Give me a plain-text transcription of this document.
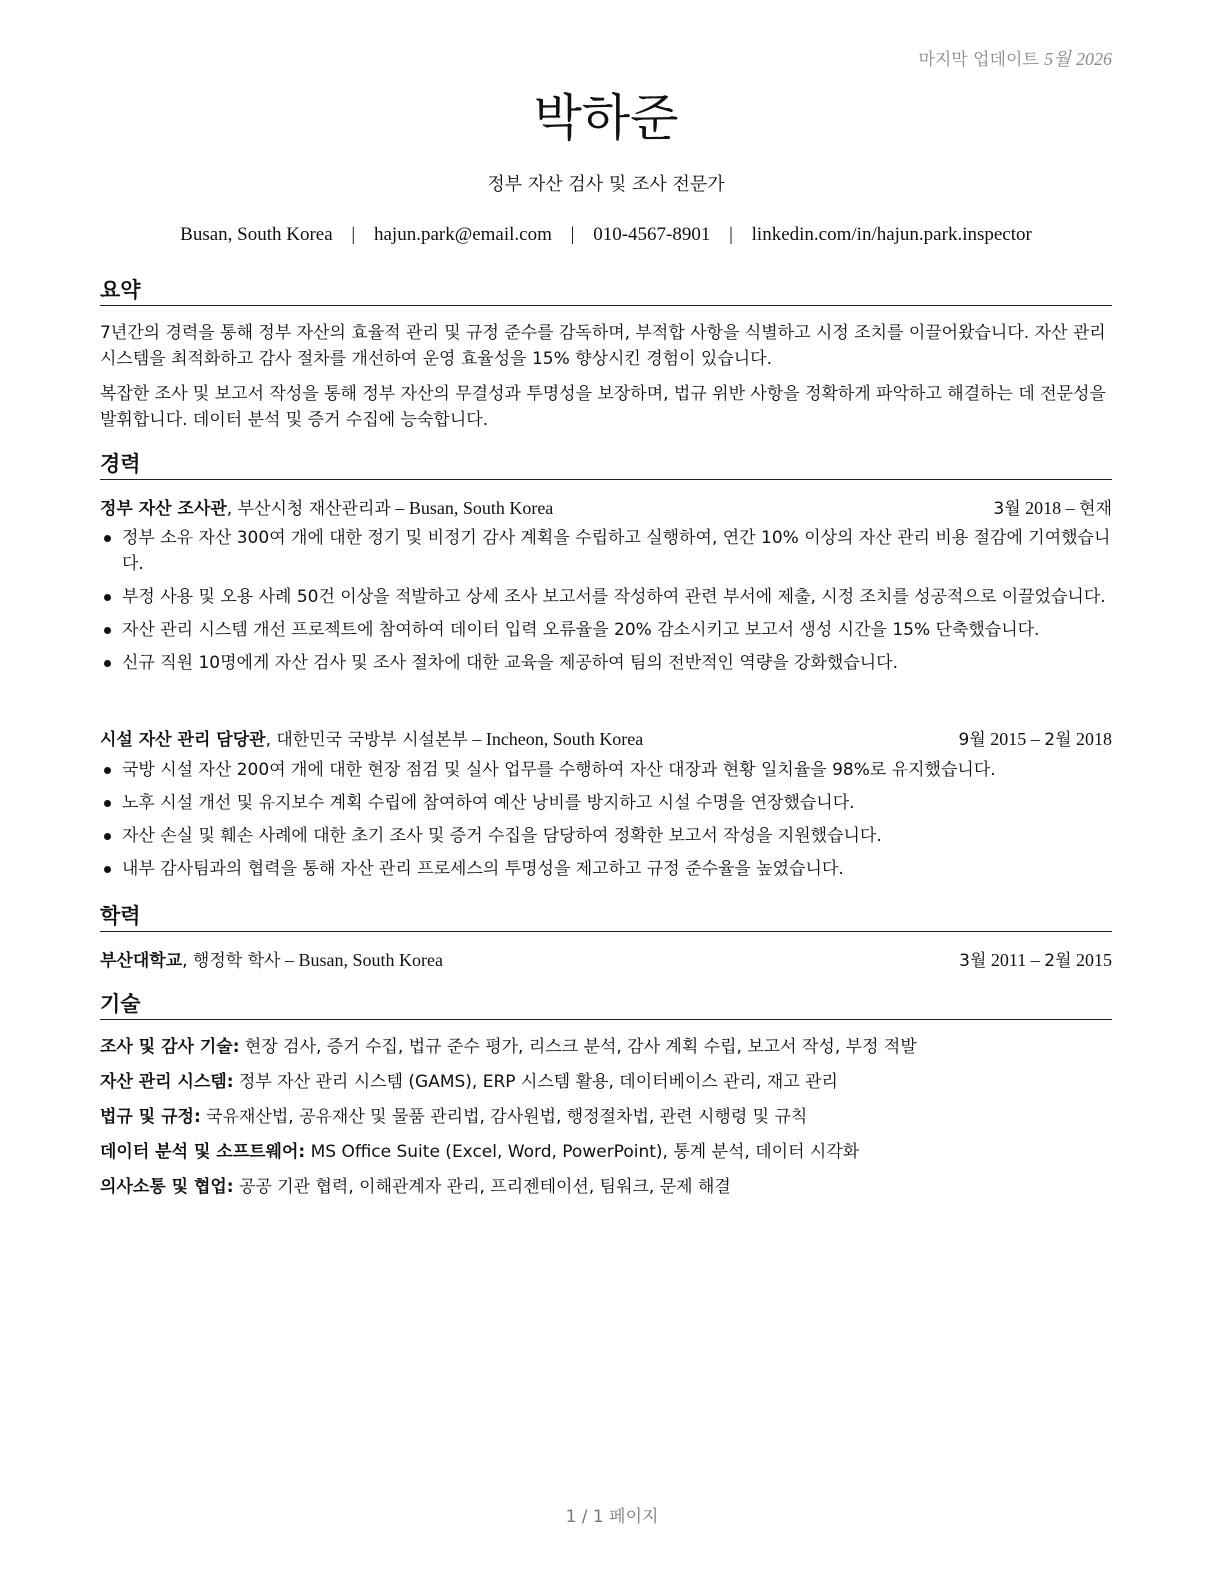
마지막 업데이트 5월 2026
박하준
정부 자산 검사 및 조사 전문가
Busan, South Korea | hajun.park@email.com | 010-4567-8901 | linkedin.com/in/hajun.park.inspector
요약
7년간의 경력을 통해 정부 자산의 효율적 관리 및 규정 준수를 감독하며, 부적합 사항을 식별하고 시정 조치를 이끌어왔습니다. 자산 관리 시스템을 최적화하고 감사 절차를 개선하여 운영 효율성을 15% 향상시킨 경험이 있습니다.
복잡한 조사 및 보고서 작성을 통해 정부 자산의 무결성과 투명성을 보장하며, 법규 위반 사항을 정확하게 파악하고 해결하는 데 전문성을 발휘합니다. 데이터 분석 및 증거 수집에 능숙합니다.
경력
정부 자산 조사관, 부산시청 재산관리과 – Busan, South Korea	3월 2018 – 현재
정부 소유 자산 300여 개에 대한 정기 및 비정기 감사 계획을 수립하고 실행하여, 연간 10% 이상의 자산 관리 비용 절감에 기여했습니다.
부정 사용 및 오용 사례 50건 이상을 적발하고 상세 조사 보고서를 작성하여 관련 부서에 제출, 시정 조치를 성공적으로 이끌었습니다.
자산 관리 시스템 개선 프로젝트에 참여하여 데이터 입력 오류율을 20% 감소시키고 보고서 생성 시간을 15% 단축했습니다.
신규 직원 10명에게 자산 검사 및 조사 절차에 대한 교육을 제공하여 팀의 전반적인 역량을 강화했습니다.
시설 자산 관리 담당관, 대한민국 국방부 시설본부 – Incheon, South Korea	9월 2015 – 2월 2018
국방 시설 자산 200여 개에 대한 현장 점검 및 실사 업무를 수행하여 자산 대장과 현황 일치율을 98%로 유지했습니다.
노후 시설 개선 및 유지보수 계획 수립에 참여하여 예산 낭비를 방지하고 시설 수명을 연장했습니다.
자산 손실 및 훼손 사례에 대한 초기 조사 및 증거 수집을 담당하여 정확한 보고서 작성을 지원했습니다.
내부 감사팀과의 협력을 통해 자산 관리 프로세스의 투명성을 제고하고 규정 준수율을 높였습니다.
학력
부산대학교, 행정학 학사 – Busan, South Korea	3월 2011 – 2월 2015
기술
조사 및 감사 기술: 현장 검사, 증거 수집, 법규 준수 평가, 리스크 분석, 감사 계획 수립, 보고서 작성, 부정 적발
자산 관리 시스템: 정부 자산 관리 시스템 (GAMS), ERP 시스템 활용, 데이터베이스 관리, 재고 관리
법규 및 규정: 국유재산법, 공유재산 및 물품 관리법, 감사원법, 행정절차법, 관련 시행령 및 규칙
데이터 분석 및 소프트웨어: MS Office Suite (Excel, Word, PowerPoint), 통계 분석, 데이터 시각화
의사소통 및 협업: 공공 기관 협력, 이해관계자 관리, 프리젠테이션, 팀워크, 문제 해결
1 / 1 페이지
